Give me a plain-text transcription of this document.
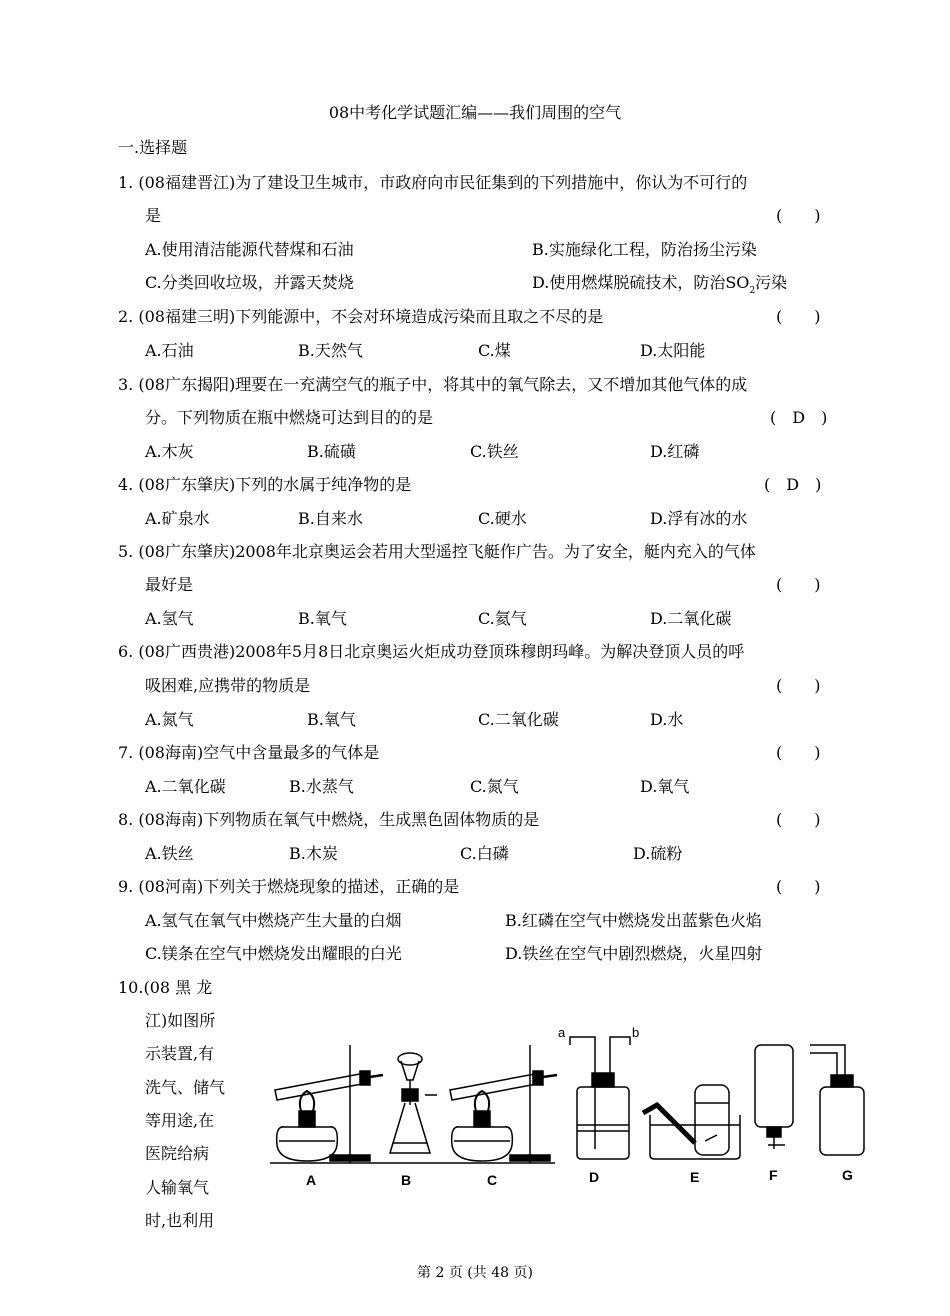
08中考化学试题汇编——我们周围的空气
一.选择题
1. (08福建晋江)为了建设卫生城市，市政府向市民征集到的下列措施中，你认为不可行的
是	(　　)
A.使用清洁能源代替煤和石油	B.实施绿化工程，防治扬尘污染
C.分类回收垃圾，并露天焚烧	D.使用燃煤脱硫技术，防治$SO_2$污染
2. (08福建三明)下列能源中，不会对环境造成污染而且取之不尽的是	(　　)
A.石油	B.天然气	C.煤	D.太阳能
3. (08广东揭阳)理要在一充满空气的瓶子中，将其中的氧气除去，又不增加其他气体的成
分。下列物质在瓶中燃烧可达到目的的是	(　D　)
A.木灰	B.硫磺	C.铁丝	D.红磷
4. (08广东肇庆)下列的水属于纯净物的是	(　D　)
A.矿泉水	B.自来水	C.硬水	D.浮有冰的水
5. (08广东肇庆)2008年北京奥运会若用大型遥控飞艇作广告。为了安全，艇内充入的气体
最好是	(　　)
A.氢气	B.氧气	C.氦气	D.二氧化碳
6. (08广西贵港)2008年5月8日北京奥运火炬成功登顶珠穆朗玛峰。为解决登顶人员的呼
吸困难,应携带的物质是	(　　)
A.氮气	B.氧气	C.二氧化碳	D.水
7. (08海南)空气中含量最多的气体是	(　　)
A.二氧化碳	B.水蒸气	C.氮气	D.氧气
8. (08海南)下列物质在氧气中燃烧，生成黑色固体物质的是	(　　)
A.铁丝	B.木炭	C.白磷	D.硫粉
9. (08河南)下列关于燃烧现象的描述，正确的是	(　　)
A.氢气在氧气中燃烧产生大量的白烟	B.红磷在空气中燃烧发出蓝紫色火焰
C.镁条在空气中燃烧发出耀眼的白光	D.铁丝在空气中剧烈燃烧，火星四射
10.(08 黑 龙
江)如图所
示装置,有
洗气、储气
等用途,在
医院给病
人输氧气
时,也利用
A	B	C	D	E	F	G
a	b
第 2 页 (共 48 页)
